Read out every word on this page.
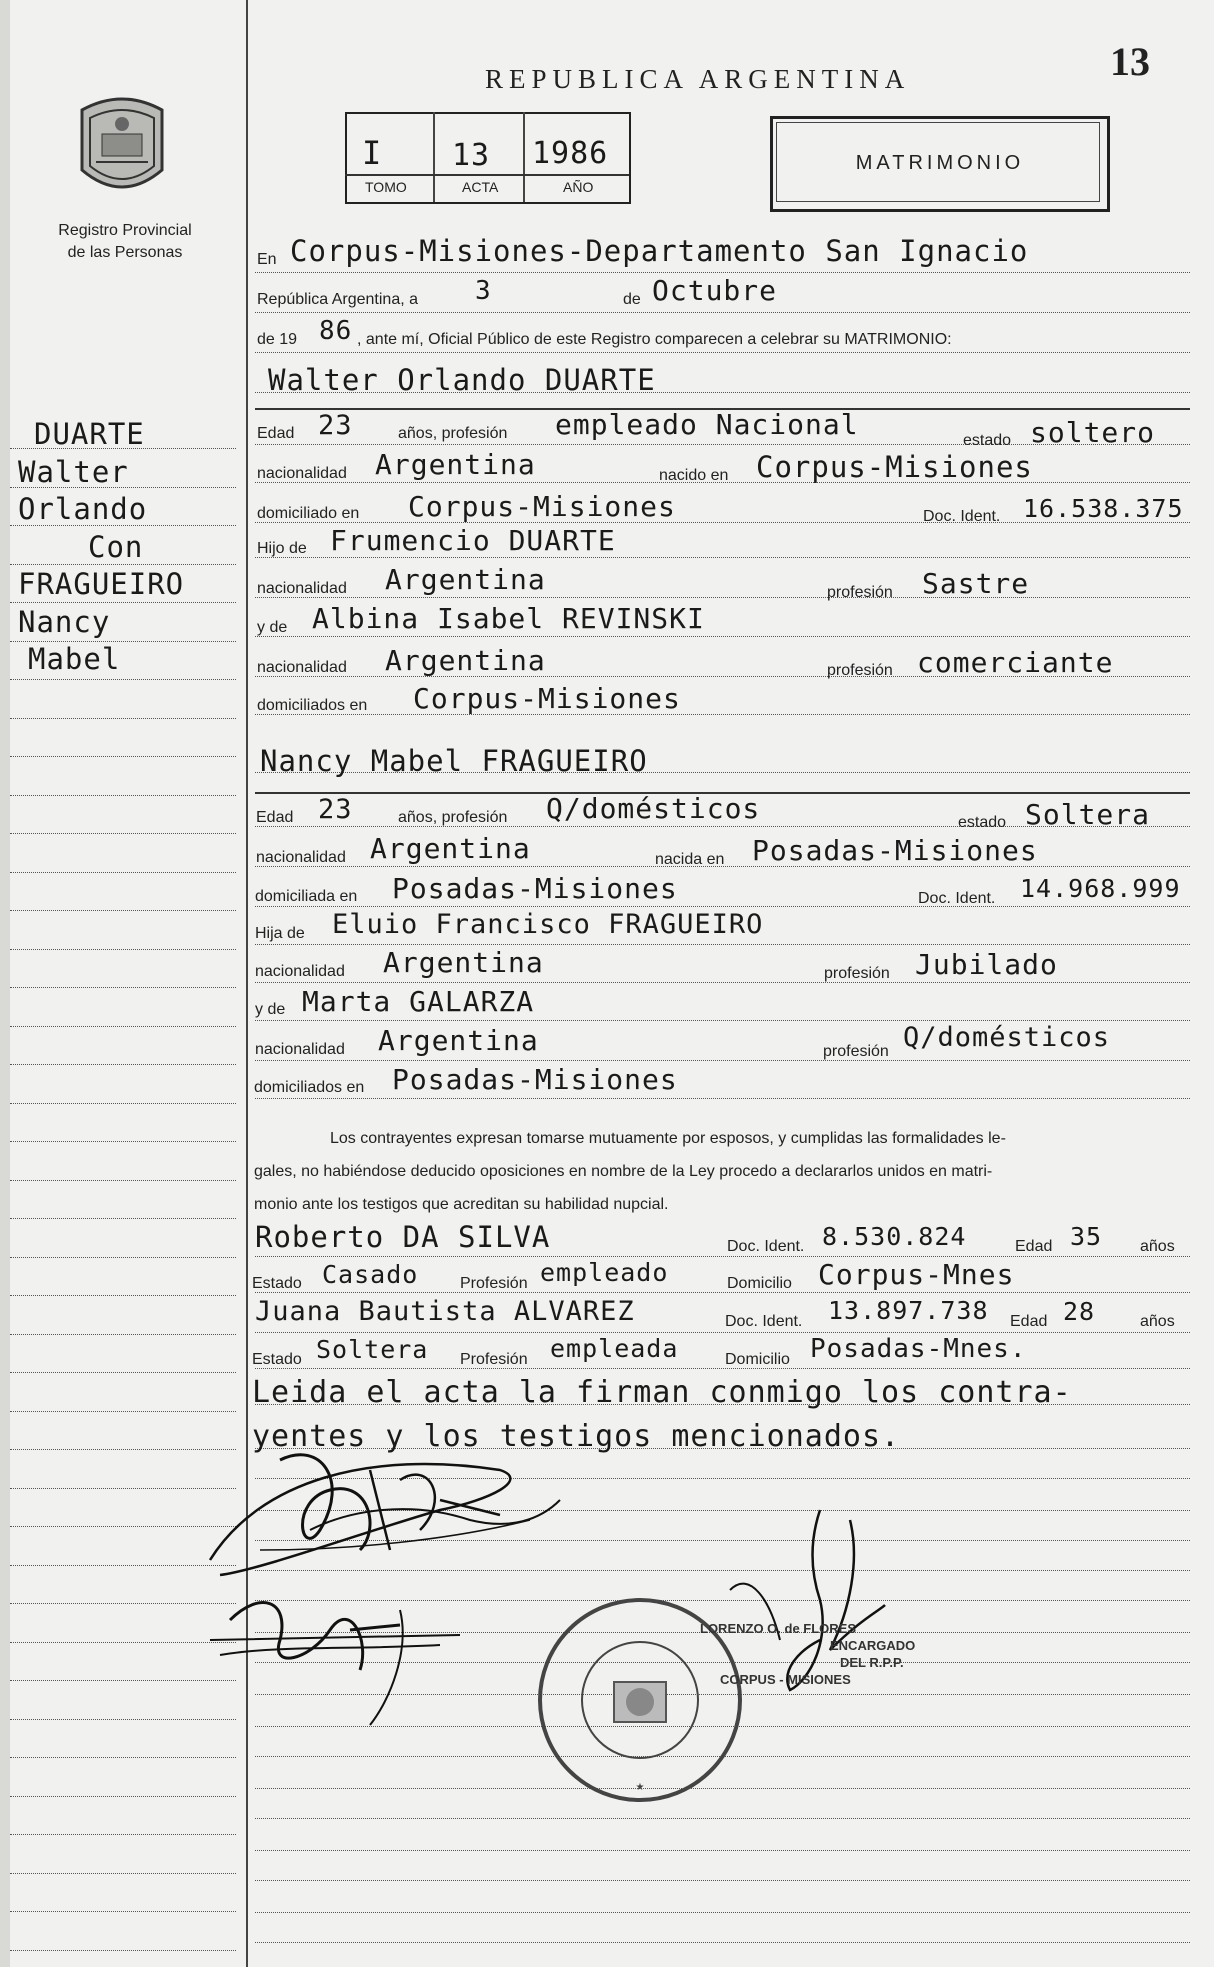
Registro Provincial
de las Personas
DUARTE
Walter
Orlando
Con
FRAGUEIRO
Nancy
Mabel
REPUBLICA ARGENTINA	13
I 13 1986
TOMO	ACTA	AÑO
MATRIMONIO
En Corpus-Misiones-Departamento San Ignacio
República Argentina, a 3	de Octubre
de 19 86 , ante mí, Oficial Público de este Registro comparecen a celebrar su MATRIMONIO:
Walter Orlando DUARTE
Edad 23	años, profesión empleado Nacional	estado soltero
nacionalidad Argentina	nacido en Corpus-Misiones
domiciliado en Corpus-Misiones	Doc. Ident. 16.538.375
Hijo de Frumencio DUARTE
nacionalidad Argentina	profesión Sastre
y de Albina Isabel REVINSKI
nacionalidad Argentina	profesión comerciante
domiciliados en Corpus-Misiones
Nancy Mabel FRAGUEIRO
Edad 23	años, profesión Q/domésticos	estado Soltera
nacionalidad Argentina	nacida en Posadas-Misiones
domiciliada en Posadas-Misiones	Doc. Ident. 14.968.999
Hija de Eluio Francisco FRAGUEIRO
nacionalidad Argentina	profesión Jubilado
y de Marta GALARZA
nacionalidad Argentina	profesión Q/domésticos
domiciliados en Posadas-Misiones
Los contrayentes expresan tomarse mutuamente por esposos, y cumplidas las formalidades le-
gales, no habiéndose deducido oposiciones en nombre de la Ley procedo a declararlos unidos en matri-
monio ante los testigos que acreditan su habilidad nupcial.
Roberto DA SILVA	Doc. Ident. 8.530.824	Edad 35 años
Estado Casado	Profesión empleado	Domicilio Corpus-Mnes
Juana Bautista ALVAREZ	Doc. Ident. 13.897.738 Edad 28	años
Estado Soltera Profesión empleada	Domicilio Posadas-Mnes.
Leida el acta la firman conmigo los contra-
yentes y los testigos mencionados.
★
LORENZO O. de FLORES
ENCARGADO
DEL R.P.P.
CORPUS - MISIONES
